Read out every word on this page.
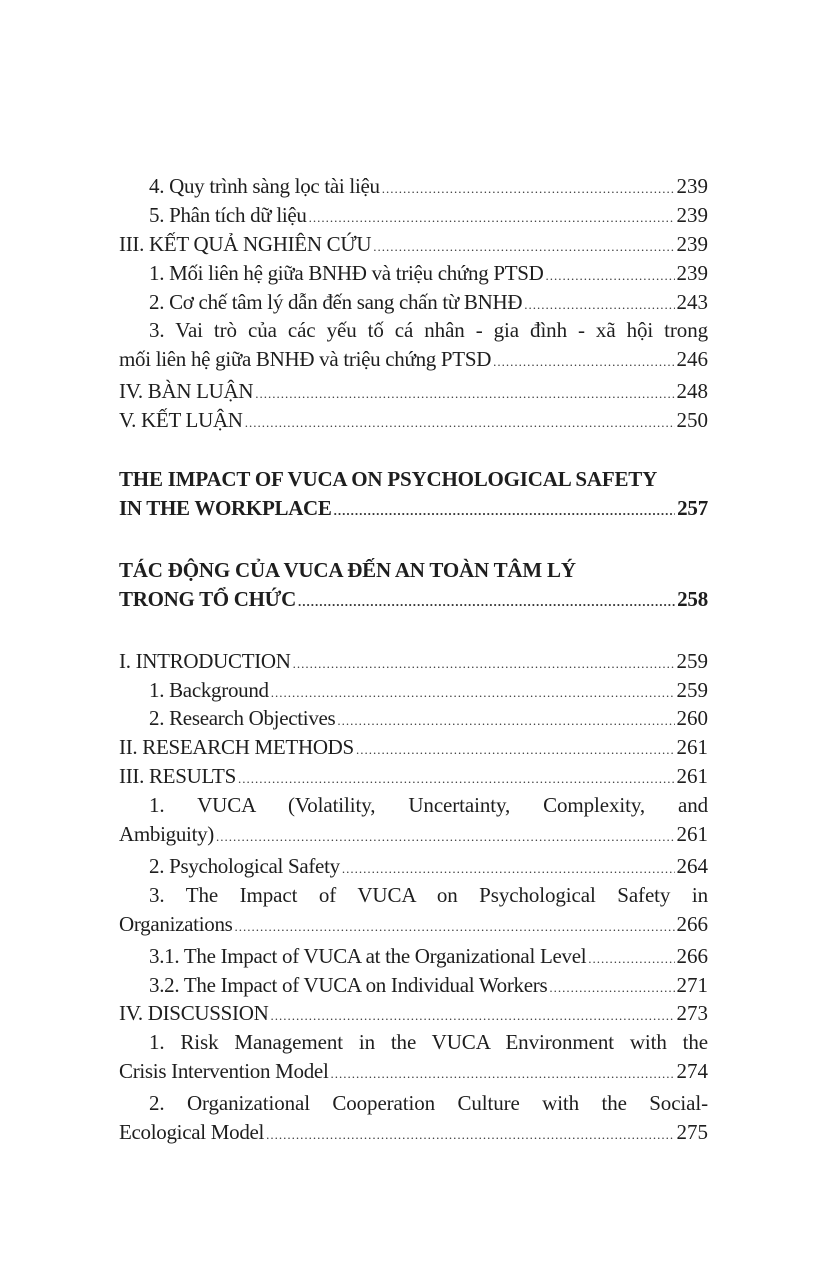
4. Quy trình sàng lọc tài liệu .....	239
5. Phân tích dữ liệu .....	239
III. KẾT QUẢ NGHIÊN CỨU .....	239
1. Mối liên hệ giữa BNHĐ và triệu chứng PTSD .....	239
2. Cơ chế tâm lý dẫn đến sang chấn từ BNHĐ .....	243
3. Vai trò của các yếu tố cá nhân - gia đình - xã hội trong
mối liên hệ giữa BNHĐ và triệu chứng PTSD .....	246
IV. BÀN LUẬN .....	248
V. KẾT LUẬN .....	250
THE IMPACT OF VUCA ON PSYCHOLOGICAL SAFETY
IN THE WORKPLACE .....	257
TÁC ĐỘNG CỦA VUCA ĐẾN AN TOÀN TÂM LÝ
TRONG TỔ CHỨC .....	258
I. INTRODUCTION .....	259
1. Background .....	259
2. Research Objectives .....	260
II. RESEARCH METHODS .....	261
III. RESULTS .....	261
1. VUCA (Volatility, Uncertainty, Complexity, and
Ambiguity) .....	261
2. Psychological Safety .....	264
3. The Impact of VUCA on Psychological Safety in
Organizations .....	266
3.1. The Impact of VUCA at the Organizational Level .....	266
3.2. The Impact of VUCA on Individual Workers .....	271
IV. DISCUSSION .....	273
1. Risk Management in the VUCA Environment with the
Crisis Intervention Model .....	274
2. Organizational Cooperation Culture with the Social-
Ecological Model .....	275
